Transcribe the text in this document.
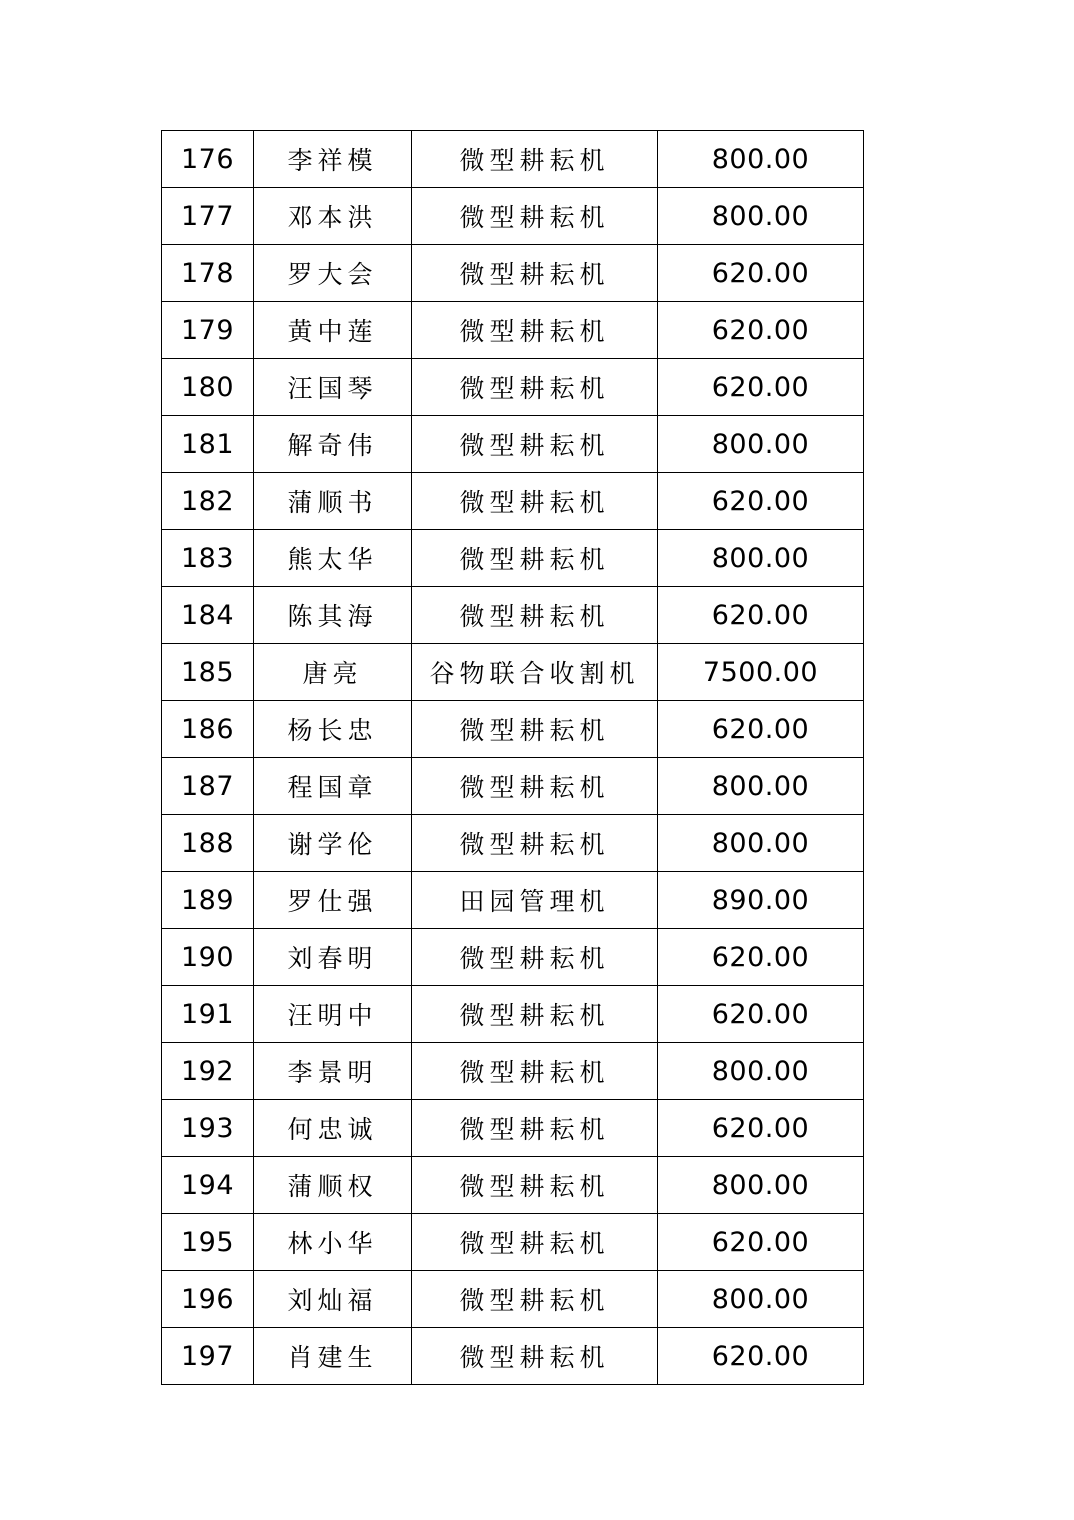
176	李祥模	微型耕耘机	800.00
177	邓本洪	微型耕耘机	800.00
178	罗大会	微型耕耘机	620.00
179	黄中莲	微型耕耘机	620.00
180	汪国琴	微型耕耘机	620.00
181	解奇伟	微型耕耘机	800.00
182	蒲顺书	微型耕耘机	620.00
183	熊太华	微型耕耘机	800.00
184	陈其海	微型耕耘机	620.00
185	唐亮	谷物联合收割机	7500.00
186	杨长忠	微型耕耘机	620.00
187	程国章	微型耕耘机	800.00
188	谢学伦	微型耕耘机	800.00
189	罗仕强	田园管理机	890.00
190	刘春明	微型耕耘机	620.00
191	汪明中	微型耕耘机	620.00
192	李景明	微型耕耘机	800.00
193	何忠诚	微型耕耘机	620.00
194	蒲顺权	微型耕耘机	800.00
195	林小华	微型耕耘机	620.00
196	刘灿福	微型耕耘机	800.00
197	肖建生	微型耕耘机	620.00
